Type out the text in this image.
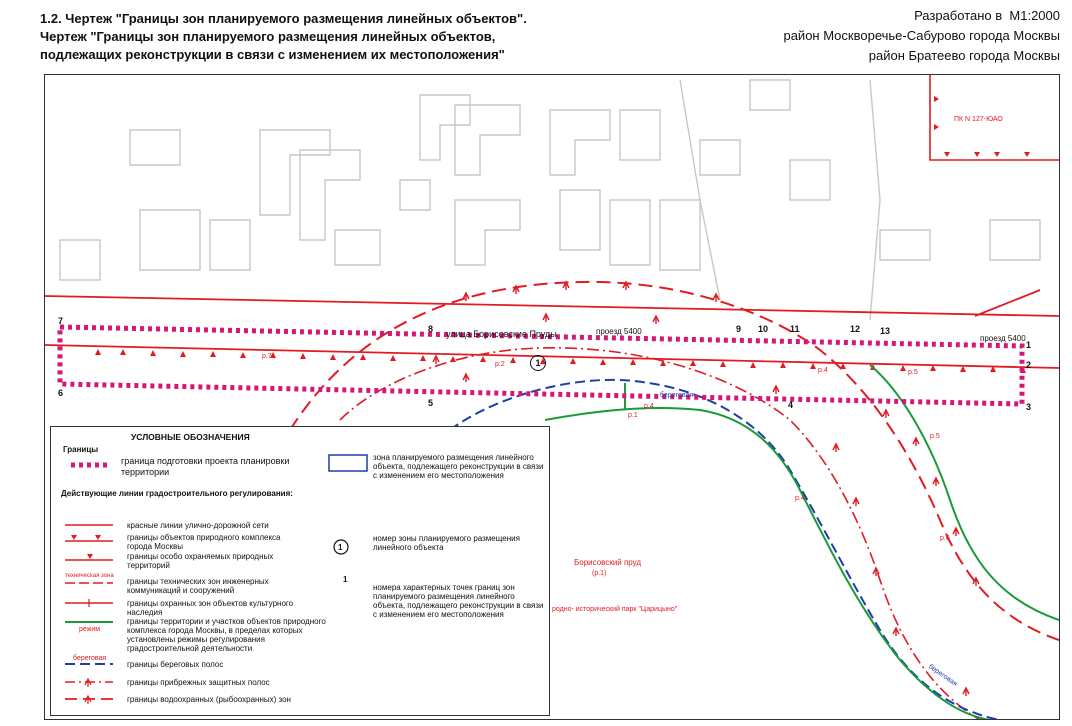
1.2. Чертеж "Границы зон планируемого размещения линейных объектов".
Чертеж "Границы зон планируемого размещения линейных объектов,
подлежащих реконструкции в связи с изменением их местоположения"
Разработано в М1:2000
район Москворечье-Сабурово города Москвы
район Братеево города Москвы
р.7
р.2
р.1
р.4
р.4	р.5
р.5
р.4
р.6
7
6
8
5
9 10 11	12 13
1
2
3
4
1
улица Борисовские Пруды	проезд 5400
проезд 5400
ПК N 127-ЮАО
Борисовский пруд
(р.1)
родно- исторический парк "Царицыно"
береговая
береговая
УСЛОВНЫЕ ОБОЗНАЧЕНИЯ
Границы
граница подготовки проекта планировки территории
Действующие линии градостроительного регулирования:
красные линии улично-дорожной сети
границы объектов природного комплекса города Москвы
границы особо охраняемых природных территорий
границы технических зон инженерных коммуникаций и сооружений
границы охранных зон объектов культурного наследия
границы территории и участков объектов природного комплекса города Москвы, в пределах которых установлены режимы регулирования градостроительной деятельности
границы береговых полос
границы прибрежных защитных полос
границы водоохранных (рыбоохранных) зон
техническая зона
режим
береговая
зона планируемого размещения линейного объекта, подлежащего реконструкции в связи с изменением его местоположения
1
номер зоны планируемого размещения линейного объекта
1
номера характерных точек границ зон планируемого размещения линейного объекта, подлежащего реконструкции в связи с изменением его местоположения
